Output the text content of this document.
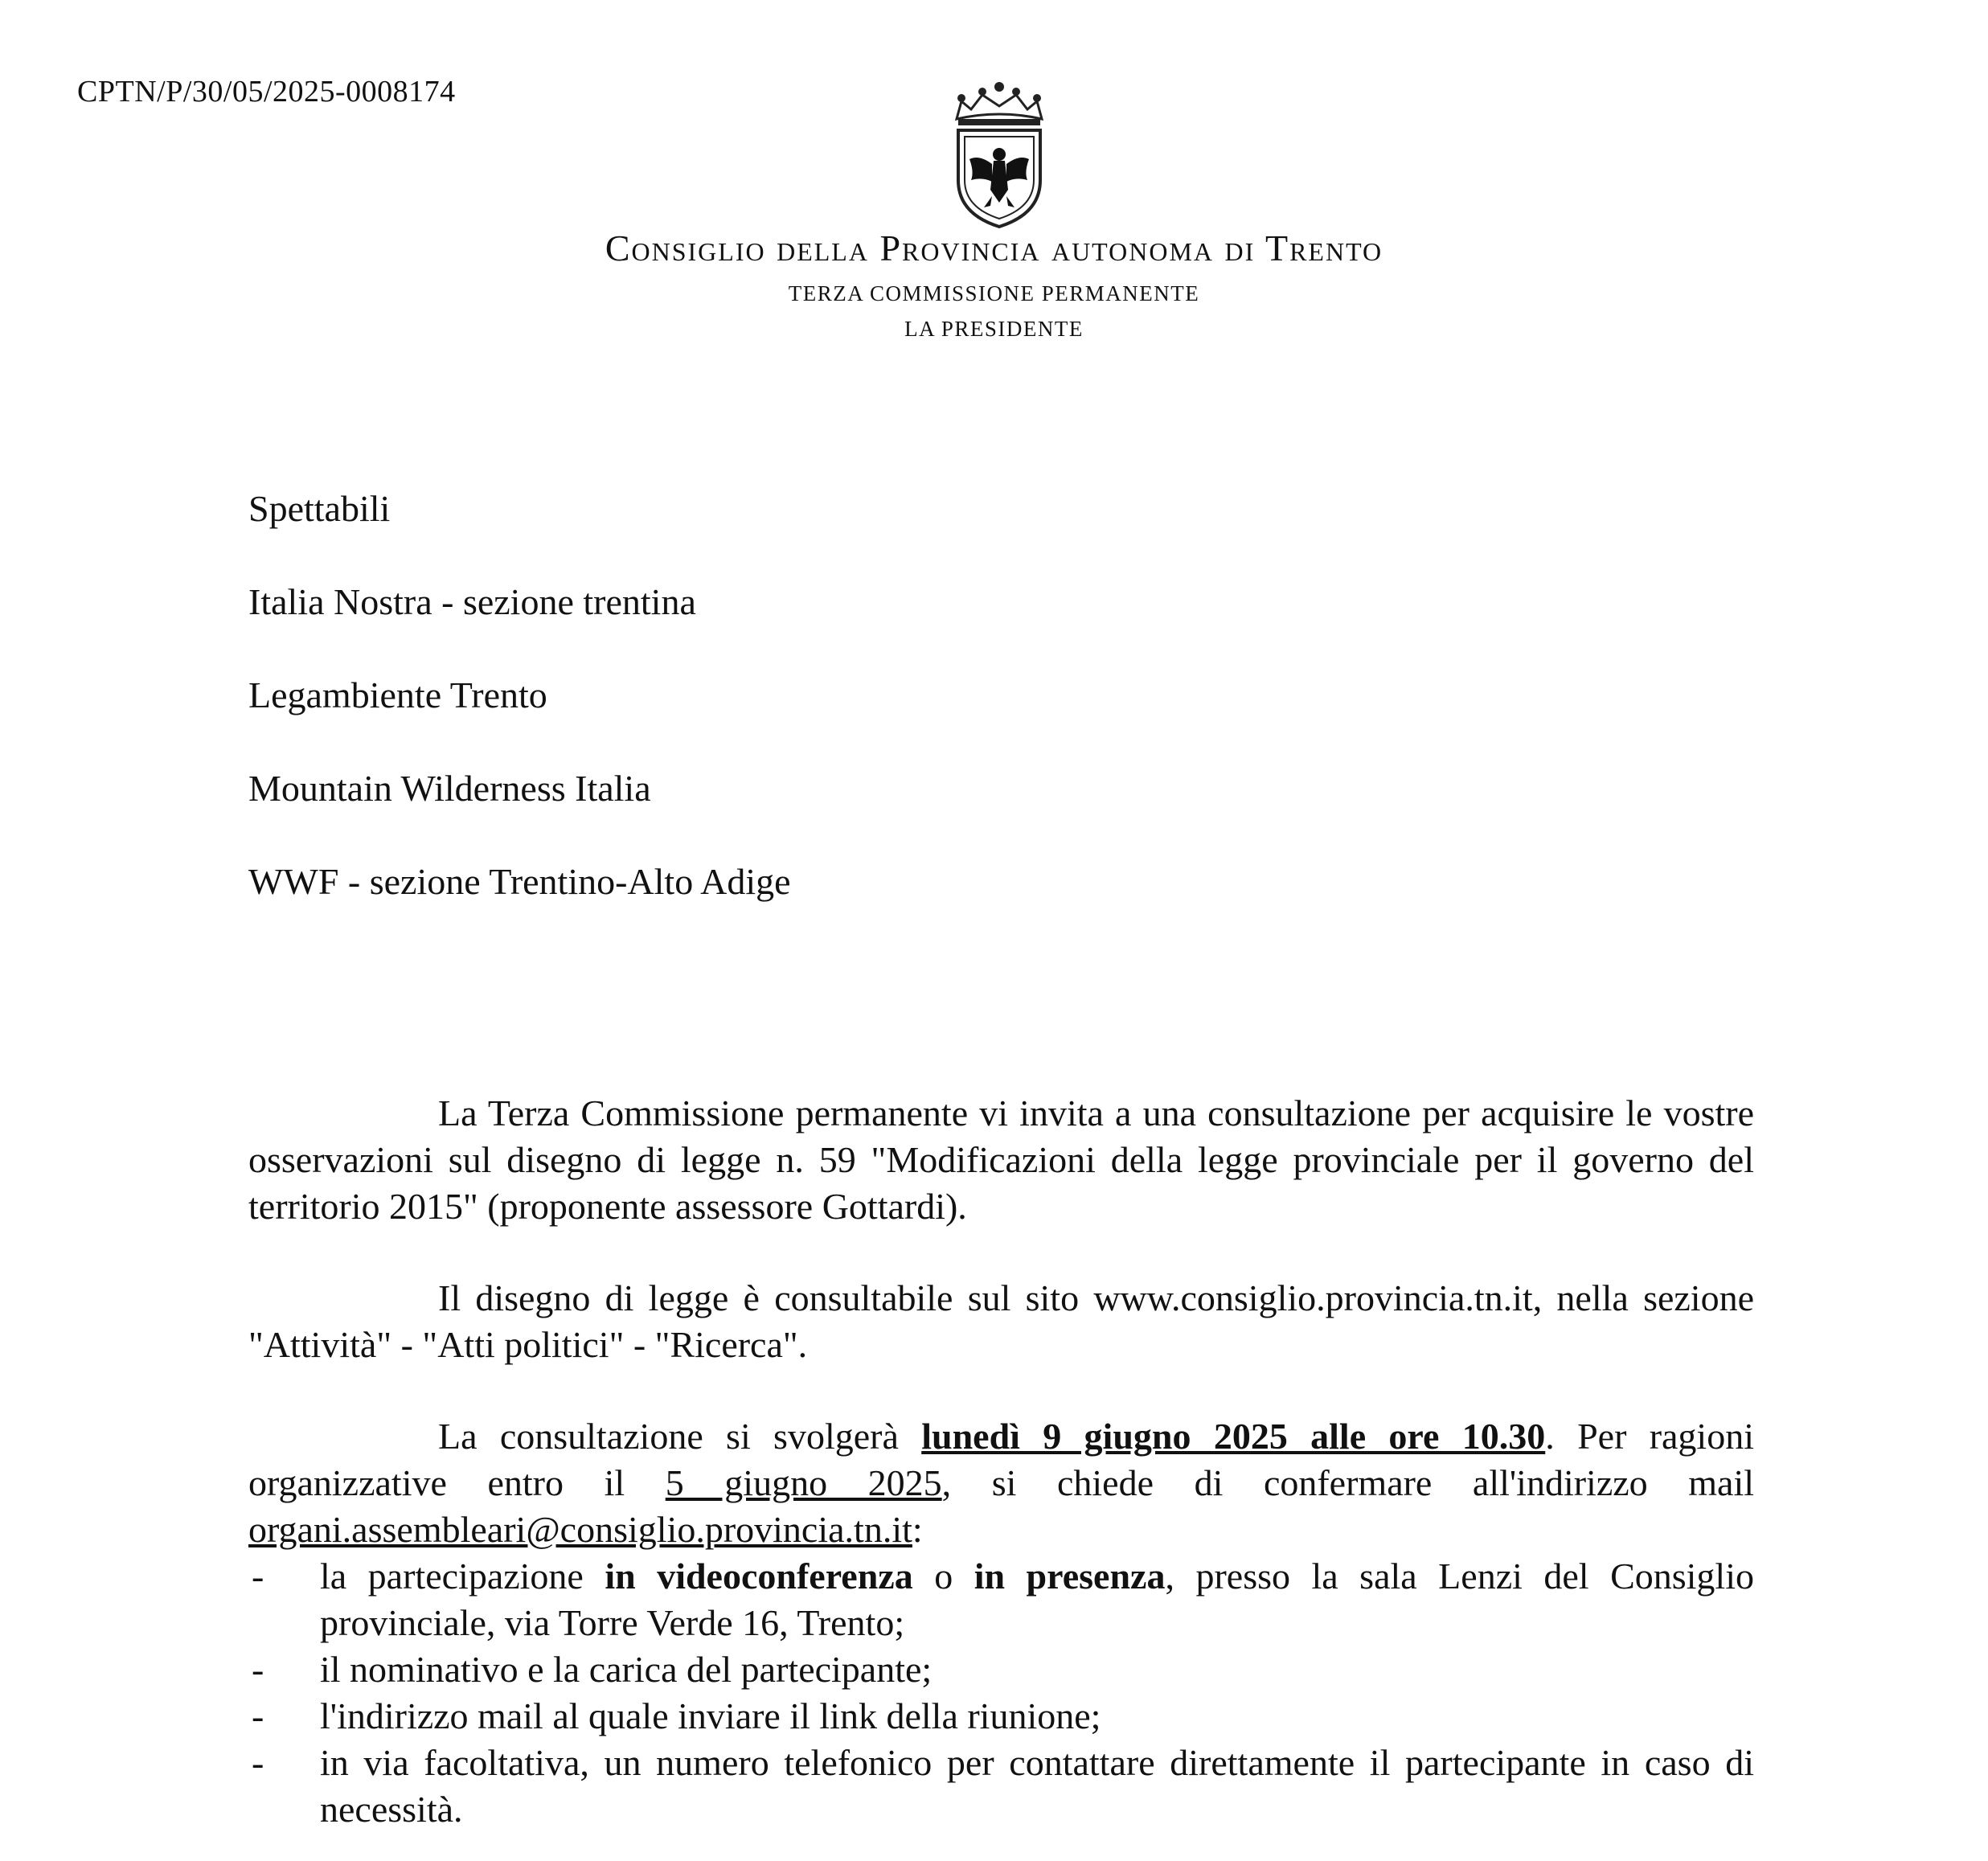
CPTN/P/30/05/2025-0008174
Consiglio della Provincia autonoma di Trento
TERZA COMMISSIONE PERMANENTE
LA PRESIDENTE
Spettabili
Italia Nostra - sezione trentina
Legambiente Trento
Mountain Wilderness Italia
WWF - sezione Trentino-Alto Adige

La Terza Commissione permanente vi invita a una consultazione per acquisire le vostre osservazioni sul disegno di legge n. 59 "Modificazioni della legge provinciale per il governo del territorio 2015" (proponente assessore Gottardi).

Il disegno di legge è consultabile sul sito www.consiglio.provincia.tn.it, nella sezione "Attività" - "Atti politici" - "Ricerca".

La consultazione si svolgerà lunedì 9 giugno 2025 alle ore 10.30. Per ragioni organizzative entro il 5 giugno 2025, si chiede di confermare all'indirizzo mail organi.assembleari@consiglio.provincia.tn.it:

- la partecipazione in videoconferenza o in presenza, presso la sala Lenzi del Consiglio provinciale, via Torre Verde 16, Trento;
- il nominativo e la carica del partecipante;
- l'indirizzo mail al quale inviare il link della riunione;
- in via facoltativa, un numero telefonico per contattare direttamente il partecipante in caso di necessità.
